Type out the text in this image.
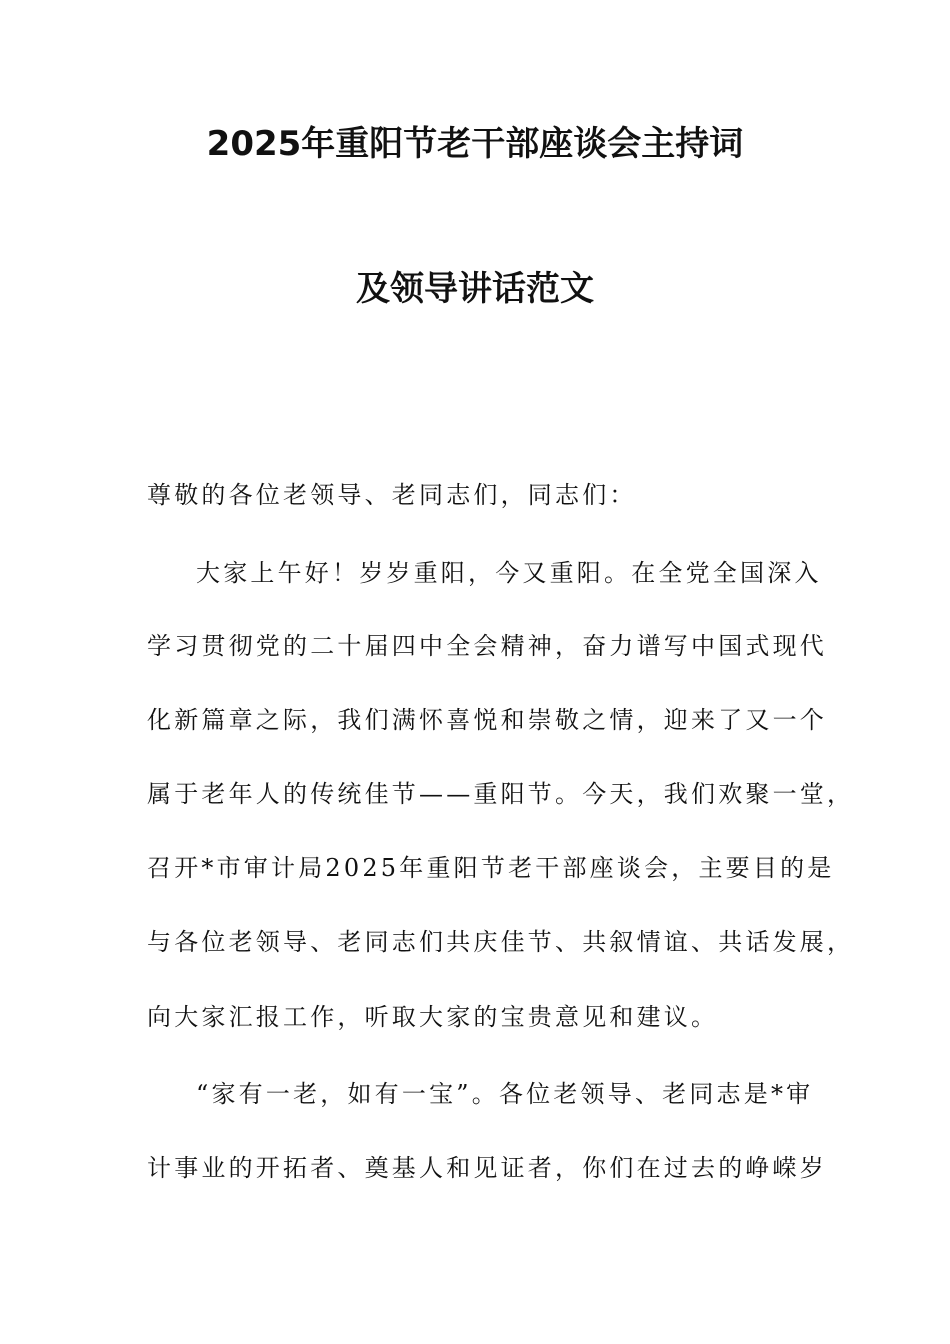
2025年重阳节老干部座谈会主持词
及领导讲话范文
尊敬的各位老领导、老同志们，同志们：
大家上午好！岁岁重阳，今又重阳。在全党全国深入
学习贯彻党的二十届四中全会精神，奋力谱写中国式现代
化新篇章之际，我们满怀喜悦和崇敬之情，迎来了又一个
属于老年人的传统佳节——重阳节。今天，我们欢聚一堂，
召开*市审计局2025年重阳节老干部座谈会，主要目的是
与各位老领导、老同志们共庆佳节、共叙情谊、共话发展，
向大家汇报工作，听取大家的宝贵意见和建议。
“家有一老，如有一宝”。各位老领导、老同志是*审
计事业的开拓者、奠基人和见证者，你们在过去的峥嵘岁
